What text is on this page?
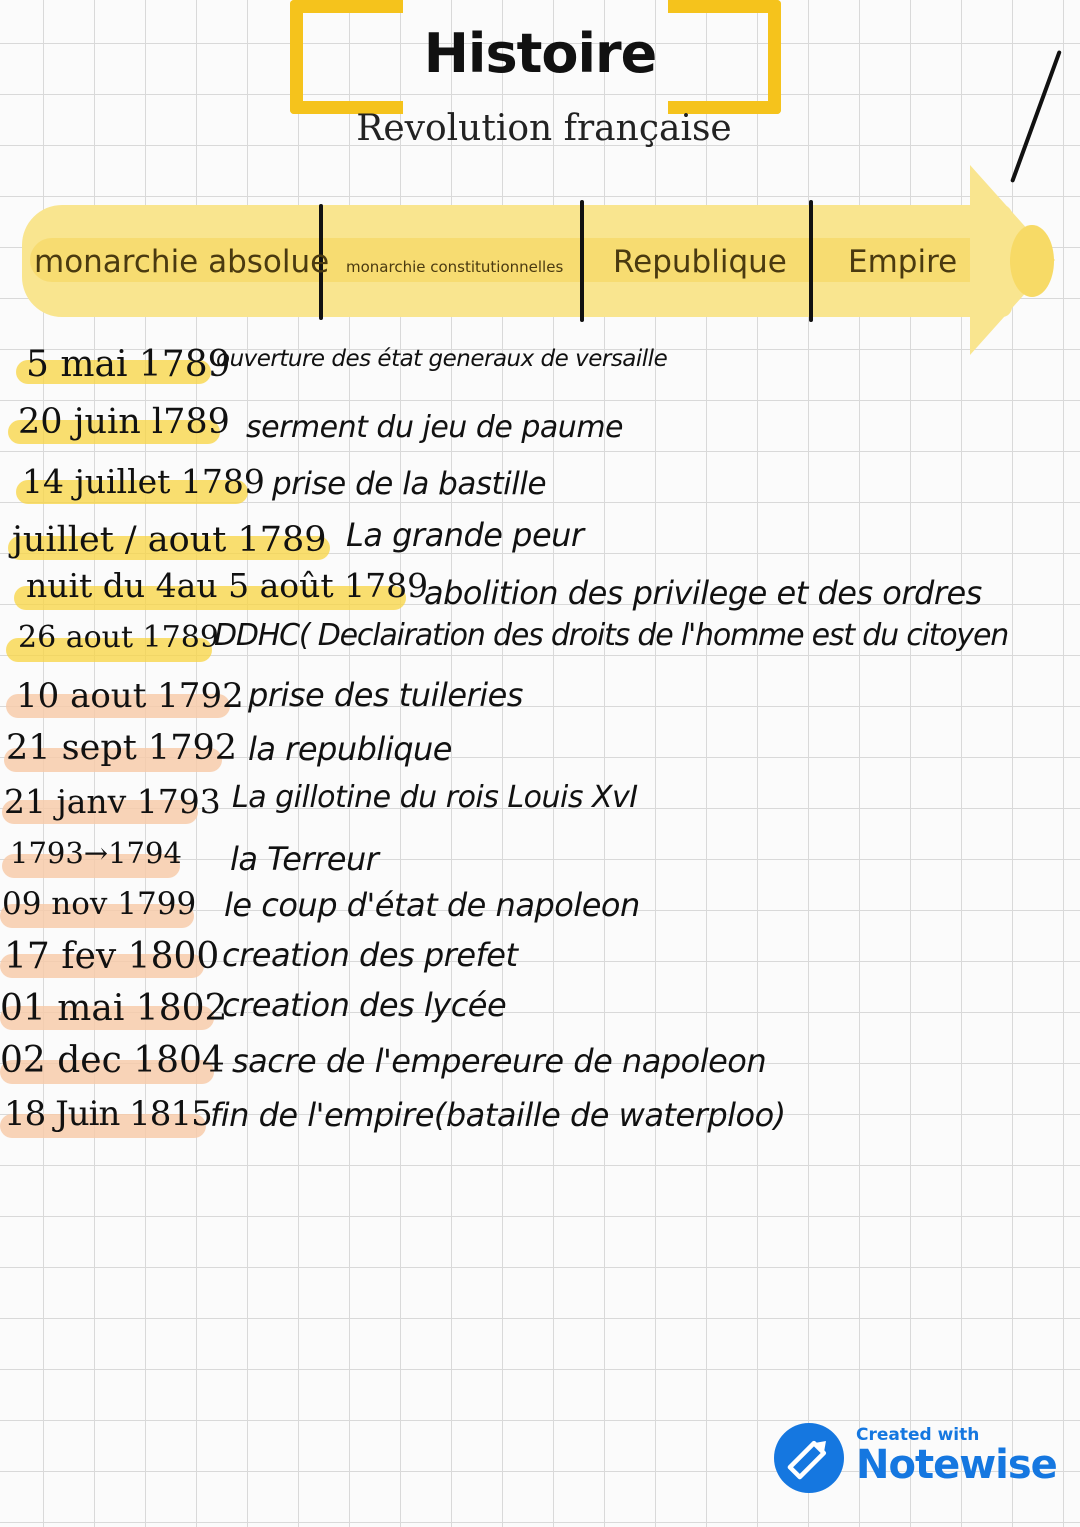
Histoire
Revolution française
monarchie absolue monarchie constitutionnelles Republique Empire
5 mai 1789
ouverture des état generaux de versaille
20 juin l789 serment du jeu de paume
14 juillet 1789 prise de la bastille
juillet / aout 1789 La grande peur
nuit du 4au 5 août 1789
abolition des privilege et des ordres
26 aout 1789
DDHC( Declairation des droits de l'homme est du citoyen
10 aout 1792 prise des tuileries
21 sept 1792 la republique
21 janv 1793 La gillotine du rois Louis XvI
1793→1794 la Terreur
09 nov 1799 le coup d'état de napoleon
17 fev 1800 creation des prefet
01 mai 1802
creation des lycée
02 dec 1804 sacre de l'empereure de napoleon
18 Juin 1815
fin de l'empire(bataille de waterploo)
Created with
Notewise
